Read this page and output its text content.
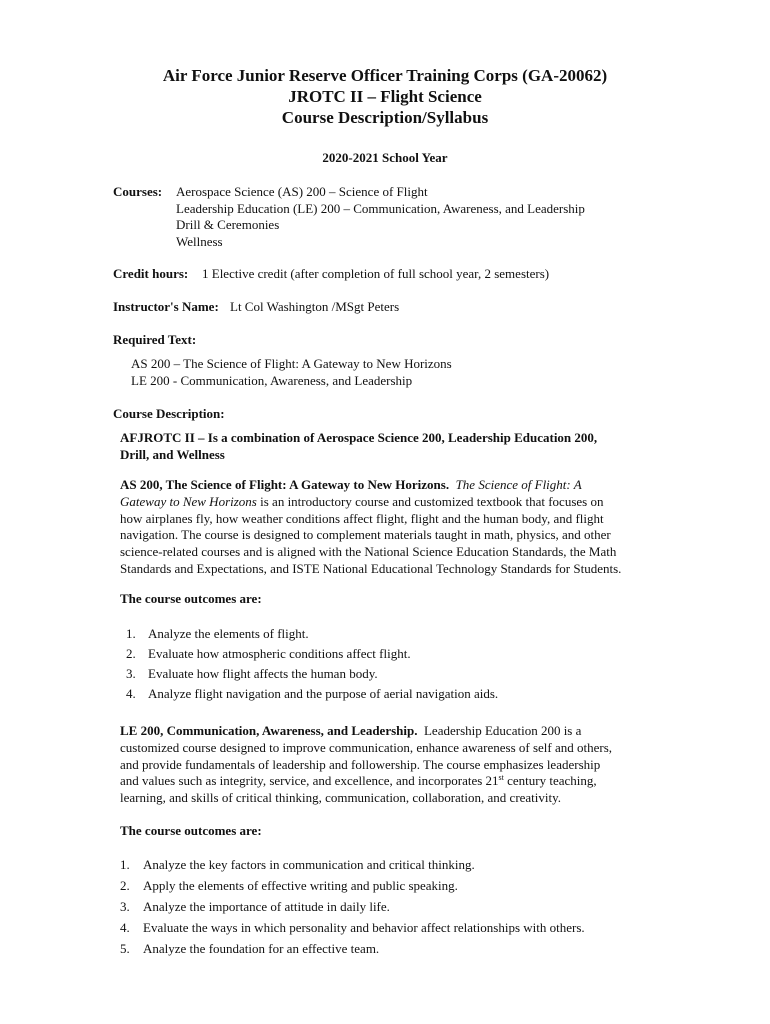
Air Force Junior Reserve Officer Training Corps (GA-20062)
JROTC II – Flight Science
Course Description/Syllabus
2020-2021 School Year
Courses: Aerospace Science (AS) 200 – Science of Flight
Leadership Education (LE) 200 – Communication, Awareness, and Leadership
Drill & Ceremonies
Wellness
Credit hours: 1 Elective credit (after completion of full school year, 2 semesters)
Instructor's Name: Lt Col Washington /MSgt Peters
Required Text:
AS 200 – The Science of Flight: A Gateway to New Horizons
LE 200 - Communication, Awareness, and Leadership
Course Description:
AFJROTC II – Is a combination of Aerospace Science 200, Leadership Education 200,
Drill, and Wellness
AS 200, The Science of Flight: A Gateway to New Horizons. The Science of Flight: A
Gateway to New Horizons is an introductory course and customized textbook that focuses on
how airplanes fly, how weather conditions affect flight, flight and the human body, and flight
navigation. The course is designed to complement materials taught in math, physics, and other
science-related courses and is aligned with the National Science Education Standards, the Math
Standards and Expectations, and ISTE National Educational Technology Standards for Students.
The course outcomes are:
1. Analyze the elements of flight.
2. Evaluate how atmospheric conditions affect flight.
3. Evaluate how flight affects the human body.
4. Analyze flight navigation and the purpose of aerial navigation aids.
LE 200, Communication, Awareness, and Leadership. Leadership Education 200 is a
customized course designed to improve communication, enhance awareness of self and others,
and provide fundamentals of leadership and followership. The course emphasizes leadership
and values such as integrity, service, and excellence, and incorporates 21st century teaching,
learning, and skills of critical thinking, communication, collaboration, and creativity.
The course outcomes are:
1. Analyze the key factors in communication and critical thinking.
2. Apply the elements of effective writing and public speaking.
3. Analyze the importance of attitude in daily life.
4. Evaluate the ways in which personality and behavior affect relationships with others.
5. Analyze the foundation for an effective team.
